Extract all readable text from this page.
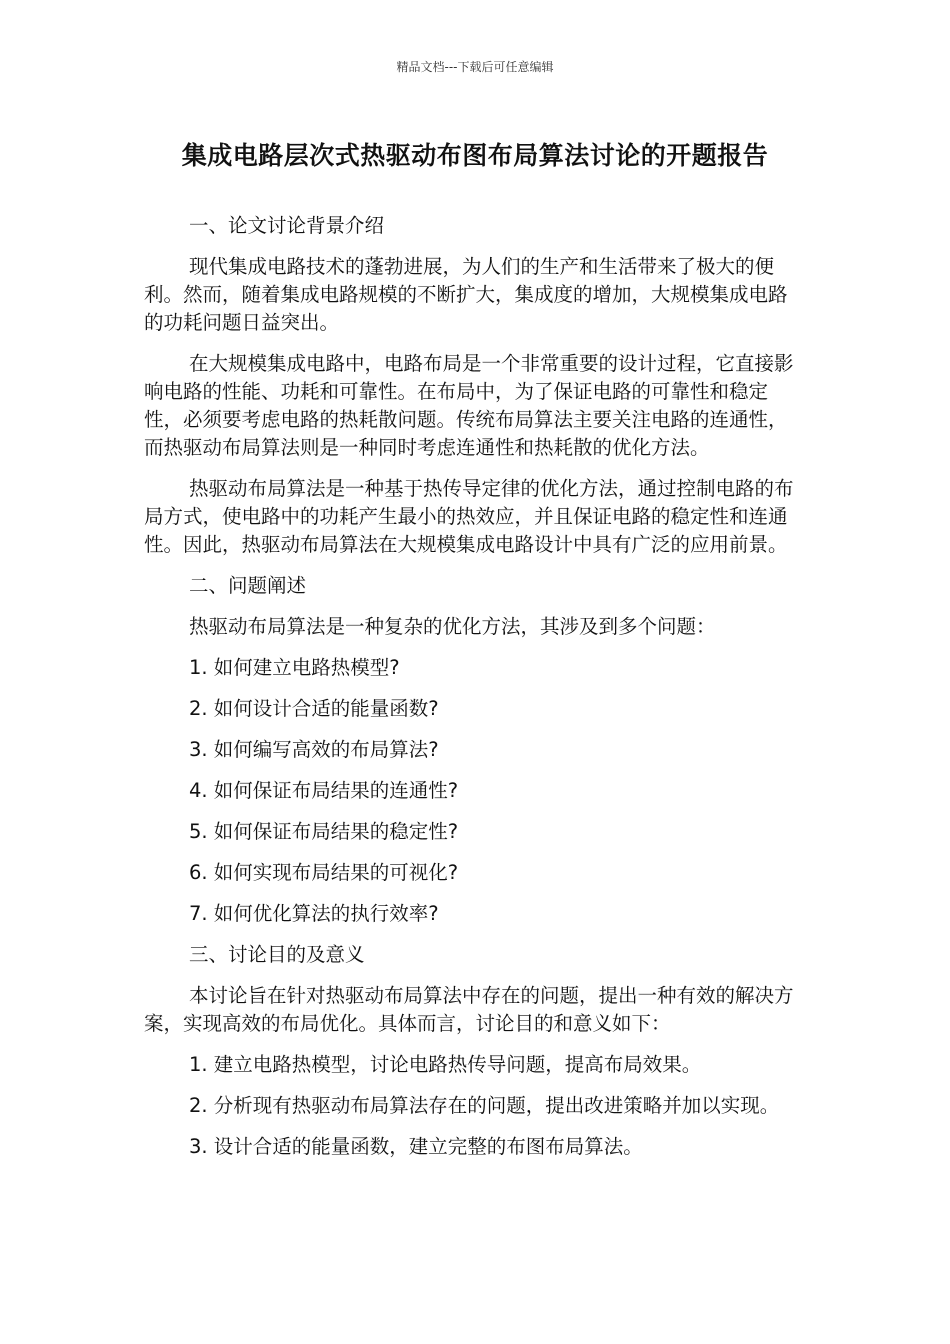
精品文档---下载后可任意编辑
集成电路层次式热驱动布图布局算法讨论的开题报告
一、论文讨论背景介绍
现代集成电路技术的蓬勃进展，为人们的生产和生活带来了极大的便利。然而，随着集成电路规模的不断扩大，集成度的增加，大规模集成电路的功耗问题日益突出。
在大规模集成电路中，电路布局是一个非常重要的设计过程，它直接影响电路的性能、功耗和可靠性。在布局中，为了保证电路的可靠性和稳定性，必须要考虑电路的热耗散问题。传统布局算法主要关注电路的连通性，而热驱动布局算法则是一种同时考虑连通性和热耗散的优化方法。
热驱动布局算法是一种基于热传导定律的优化方法，通过控制电路的布局方式，使电路中的功耗产生最小的热效应，并且保证电路的稳定性和连通性。因此，热驱动布局算法在大规模集成电路设计中具有广泛的应用前景。
二、问题阐述
热驱动布局算法是一种复杂的优化方法，其涉及到多个问题：
1. 如何建立电路热模型?
2. 如何设计合适的能量函数?
3. 如何编写高效的布局算法?
4. 如何保证布局结果的连通性?
5. 如何保证布局结果的稳定性?
6. 如何实现布局结果的可视化?
7. 如何优化算法的执行效率?
三、讨论目的及意义
本讨论旨在针对热驱动布局算法中存在的问题，提出一种有效的解决方案，实现高效的布局优化。具体而言，讨论目的和意义如下：
1. 建立电路热模型，讨论电路热传导问题，提高布局效果。
2. 分析现有热驱动布局算法存在的问题，提出改进策略并加以实现。
3. 设计合适的能量函数，建立完整的布图布局算法。
